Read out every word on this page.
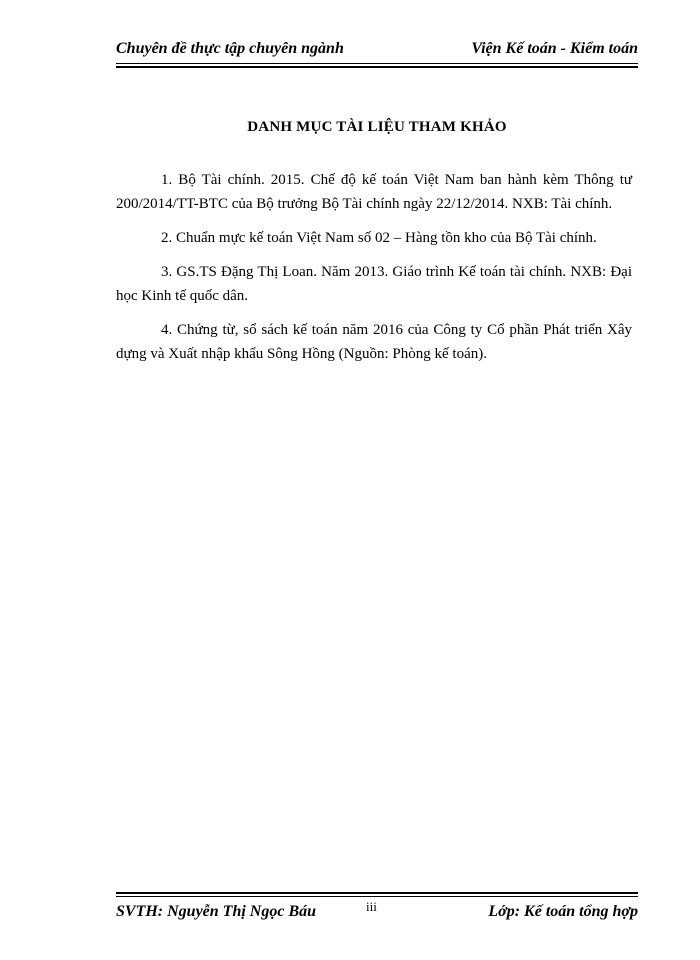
Chuyên đề thực tập chuyên ngành	Viện Kế toán - Kiểm toán
DANH MỤC TÀI LIỆU THAM KHẢO

1. Bộ Tài chính. 2015. Chế độ kế toán Việt Nam ban hành kèm Thông tư 200/2014/TT-BTC của Bộ trưởng Bộ Tài chính ngày 22/12/2014. NXB: Tài chính.

2. Chuẩn mực kế toán Việt Nam số 02 – Hàng tồn kho của Bộ Tài chính.

3. GS.TS Đặng Thị Loan. Năm 2013. Giáo trình Kế toán tài chính. NXB: Đại học Kinh tế quốc dân.

4. Chứng từ, sổ sách kế toán năm 2016 của Công ty Cổ phần Phát triển Xây dựng và Xuất nhập khẩu Sông Hồng (Nguồn: Phòng kế toán).

SVTH: Nguyễn Thị Ngọc Báu	iii	Lớp: Kế toán tổng hợp
